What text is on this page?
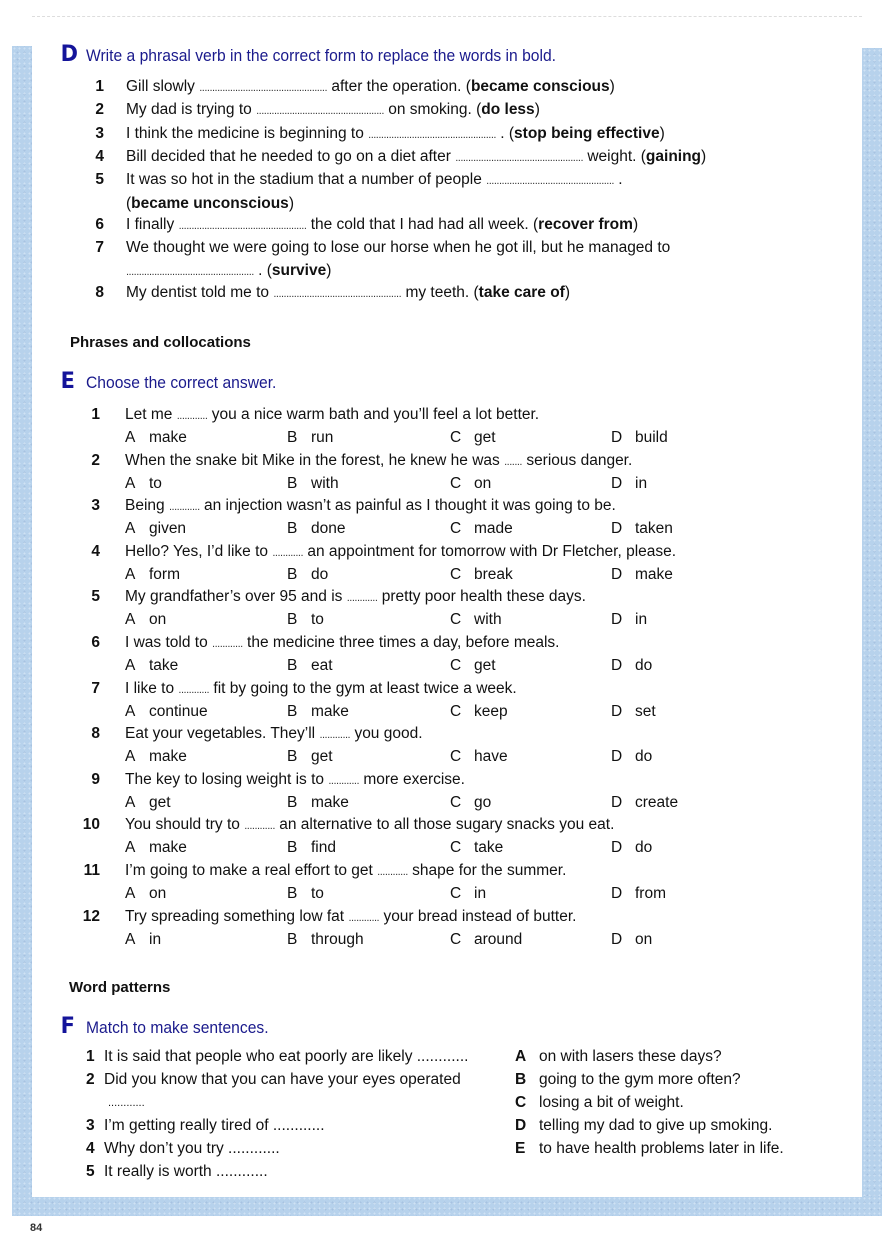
D Write a phrasal verb in the correct form to replace the words in bold.
1 Gill slowly .................................................. after the operation. (became conscious)
2 My dad is trying to .................................................. on smoking. (do less)
3 I think the medicine is beginning to .................................................. . (stop being effective)
4 Bill decided that he needed to go on a diet after .................................................. weight. (gaining)
5 It was so hot in the stadium that a number of people .................................................. .
(became unconscious)
6 I finally .................................................. the cold that I had had all week. (recover from)
7 We thought we were going to lose our horse when he got ill, but he managed to
.................................................. . (survive)
8 My dentist told me to .................................................. my teeth. (take care of)
Phrases and collocations
E Choose the correct answer.
1 Let me ............ you a nice warm bath and you’ll feel a lot better.
A make	B run	C get	D build
2 When the snake bit Mike in the forest, he knew he was ....... serious danger.
A to	B with	C on	D in
3 Being ............ an injection wasn’t as painful as I thought it was going to be.
A given	B done	C made	D taken
4 Hello? Yes, I’d like to ............ an appointment for tomorrow with Dr Fletcher, please.
A form	B do	C break	D make
5 My grandfather’s over 95 and is ............ pretty poor health these days.
A on	B to	C with	D in
6 I was told to ............ the medicine three times a day, before meals.
A take	B eat	C get	D do
7 I like to ............ fit by going to the gym at least twice a week.
A continue	B make	C keep	D set
8 Eat your vegetables. They’ll ............ you good.
A make	B get	C have	D do
9 The key to losing weight is to ............ more exercise.
A get	B make	C go	D create
10 You should try to ............ an alternative to all those sugary snacks you eat.
A make	B find	C take	D do
11 I’m going to make a real effort to get ............ shape for the summer.
A on	B to	C in	D from
12 Try spreading something low fat ............ your bread instead of butter.
A in	B through	C around	D on
Word patterns
F Match to make sentences.
1 It is said that people who eat poorly are likely ............
2 Did you know that you can have your eyes operated
............
3 I’m getting really tired of ............
4 Why don’t you try ............
5 It really is worth ............
A on with lasers these days?
B going to the gym more often?
C losing a bit of weight.
D telling my dad to give up smoking.
E to have health problems later in life.
84
